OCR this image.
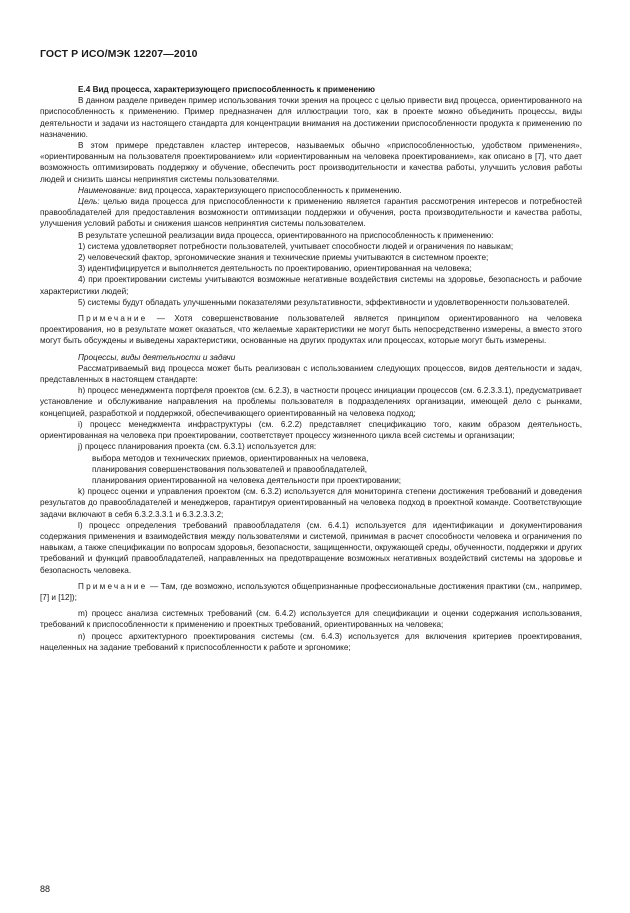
ГОСТ Р ИСО/МЭК 12207—2010

E.4 Вид процесса, характеризующего приспособленность к применению

В данном разделе приведен пример использования точки зрения на процесс с целью привести вид процесса, ориентированного на приспособленность к применению. Пример предназначен для иллюстрации того, как в проекте можно объединить процессы, виды деятельности и задачи из настоящего стандарта для концентрации внимания на достижении приспособленности продукта к применению по назначению.

В этом примере представлен кластер интересов, называемых обычно «приспособленностью, удобством применения», «ориентированным на пользователя проектированием» или «ориентированным на человека проектированием», как описано в [7], что дает возможность оптимизировать поддержку и обучение, обеспечить рост производительности и качества работы, улучшить условия работы людей и снизить шансы непринятия системы пользователями.

Наименование: вид процесса, характеризующего приспособленность к применению.

Цель: целью вида процесса для приспособленности к применению является гарантия рассмотрения интересов и потребностей правообладателей для предоставления возможности оптимизации поддержки и обучения, роста производительности и качества работы, улучшения условий работы и снижения шансов непринятия системы пользователем.

В результате успешной реализации вида процесса, ориентированного на приспособленность к применению:

1) система удовлетворяет потребности пользователей, учитывает способности людей и ограничения по навыкам;

2) человеческий фактор, эргономические знания и технические приемы учитываются в системном проекте;

3) идентифицируется и выполняется деятельность по проектированию, ориентированная на человека;

4) при проектировании системы учитываются возможные негативные воздействия системы на здоровье, безопасность и рабочие характеристики людей;

5) системы будут обладать улучшенными показателями результативности, эффективности и удовлетворенности пользователей.

Примечание — Хотя совершенствование пользователей является принципом ориентированного на человека проектирования, но в результате может оказаться, что желаемые характеристики не могут быть непосредственно измерены, а вместо этого могут быть обсуждены и выведены характеристики, основанные на других продуктах или процессах, которые могут быть измерены.

Процессы, виды деятельности и задачи

Рассматриваемый вид процесса может быть реализован с использованием следующих процессов, видов деятельности и задач, представленных в настоящем стандарте:

h) процесс менеджмента портфеля проектов (см. 6.2.3), в частности процесс инициации процессов (см. 6.2.3.3.1), предусматривает установление и обслуживание направления на проблемы пользователя в подразделениях организации, имеющей дело с рынками, концепцией, разработкой и поддержкой, обеспечивающего ориентированный на человека подход;

i) процесс менеджмента инфраструктуры (см. 6.2.2) представляет спецификацию того, каким образом деятельность, ориентированная на человека при проектировании, соответствует процессу жизненного цикла всей системы и организации;

j) процесс планирования проекта (см. 6.3.1) используется для:

выбора методов и технических приемов, ориентированных на человека,

планирования совершенствования пользователей и правообладателей,

планирования ориентированной на человека деятельности при проектировании;

k) процесс оценки и управления проектом (см. 6.3.2) используется для мониторинга степени достижения требований и доведения результатов до правообладателей и менеджеров, гарантируя ориентированный на человека подход в проектной команде. Соответствующие задачи включают в себя 6.3.2.3.3.1 и 6.3.2.3.3.2;

l) процесс определения требований правообладателя (см. 6.4.1) используется для идентификации и документирования содержания применения и взаимодействия между пользователями и системой, принимая в расчет способности человека и ограничения по навыкам, а также спецификации по вопросам здоровья, безопасности, защищенности, окружающей среды, обученности, поддержки и других требований и функций правообладателей, направленных на предотвращение возможных негативных воздействий системы на здоровье и безопасность человека.

Примечание — Там, где возможно, используются общепризнанные профессиональные достижения практики (см., например, [7] и [12]);

m) процесс анализа системных требований (см. 6.4.2) используется для спецификации и оценки содержания использования, требований к приспособленности к применению и проектных требований, ориентированных на человека;

n) процесс архитектурного проектирования системы (см. 6.4.3) используется для включения критериев проектирования, нацеленных на задание требований к приспособленности к работе и эргономике;

88
